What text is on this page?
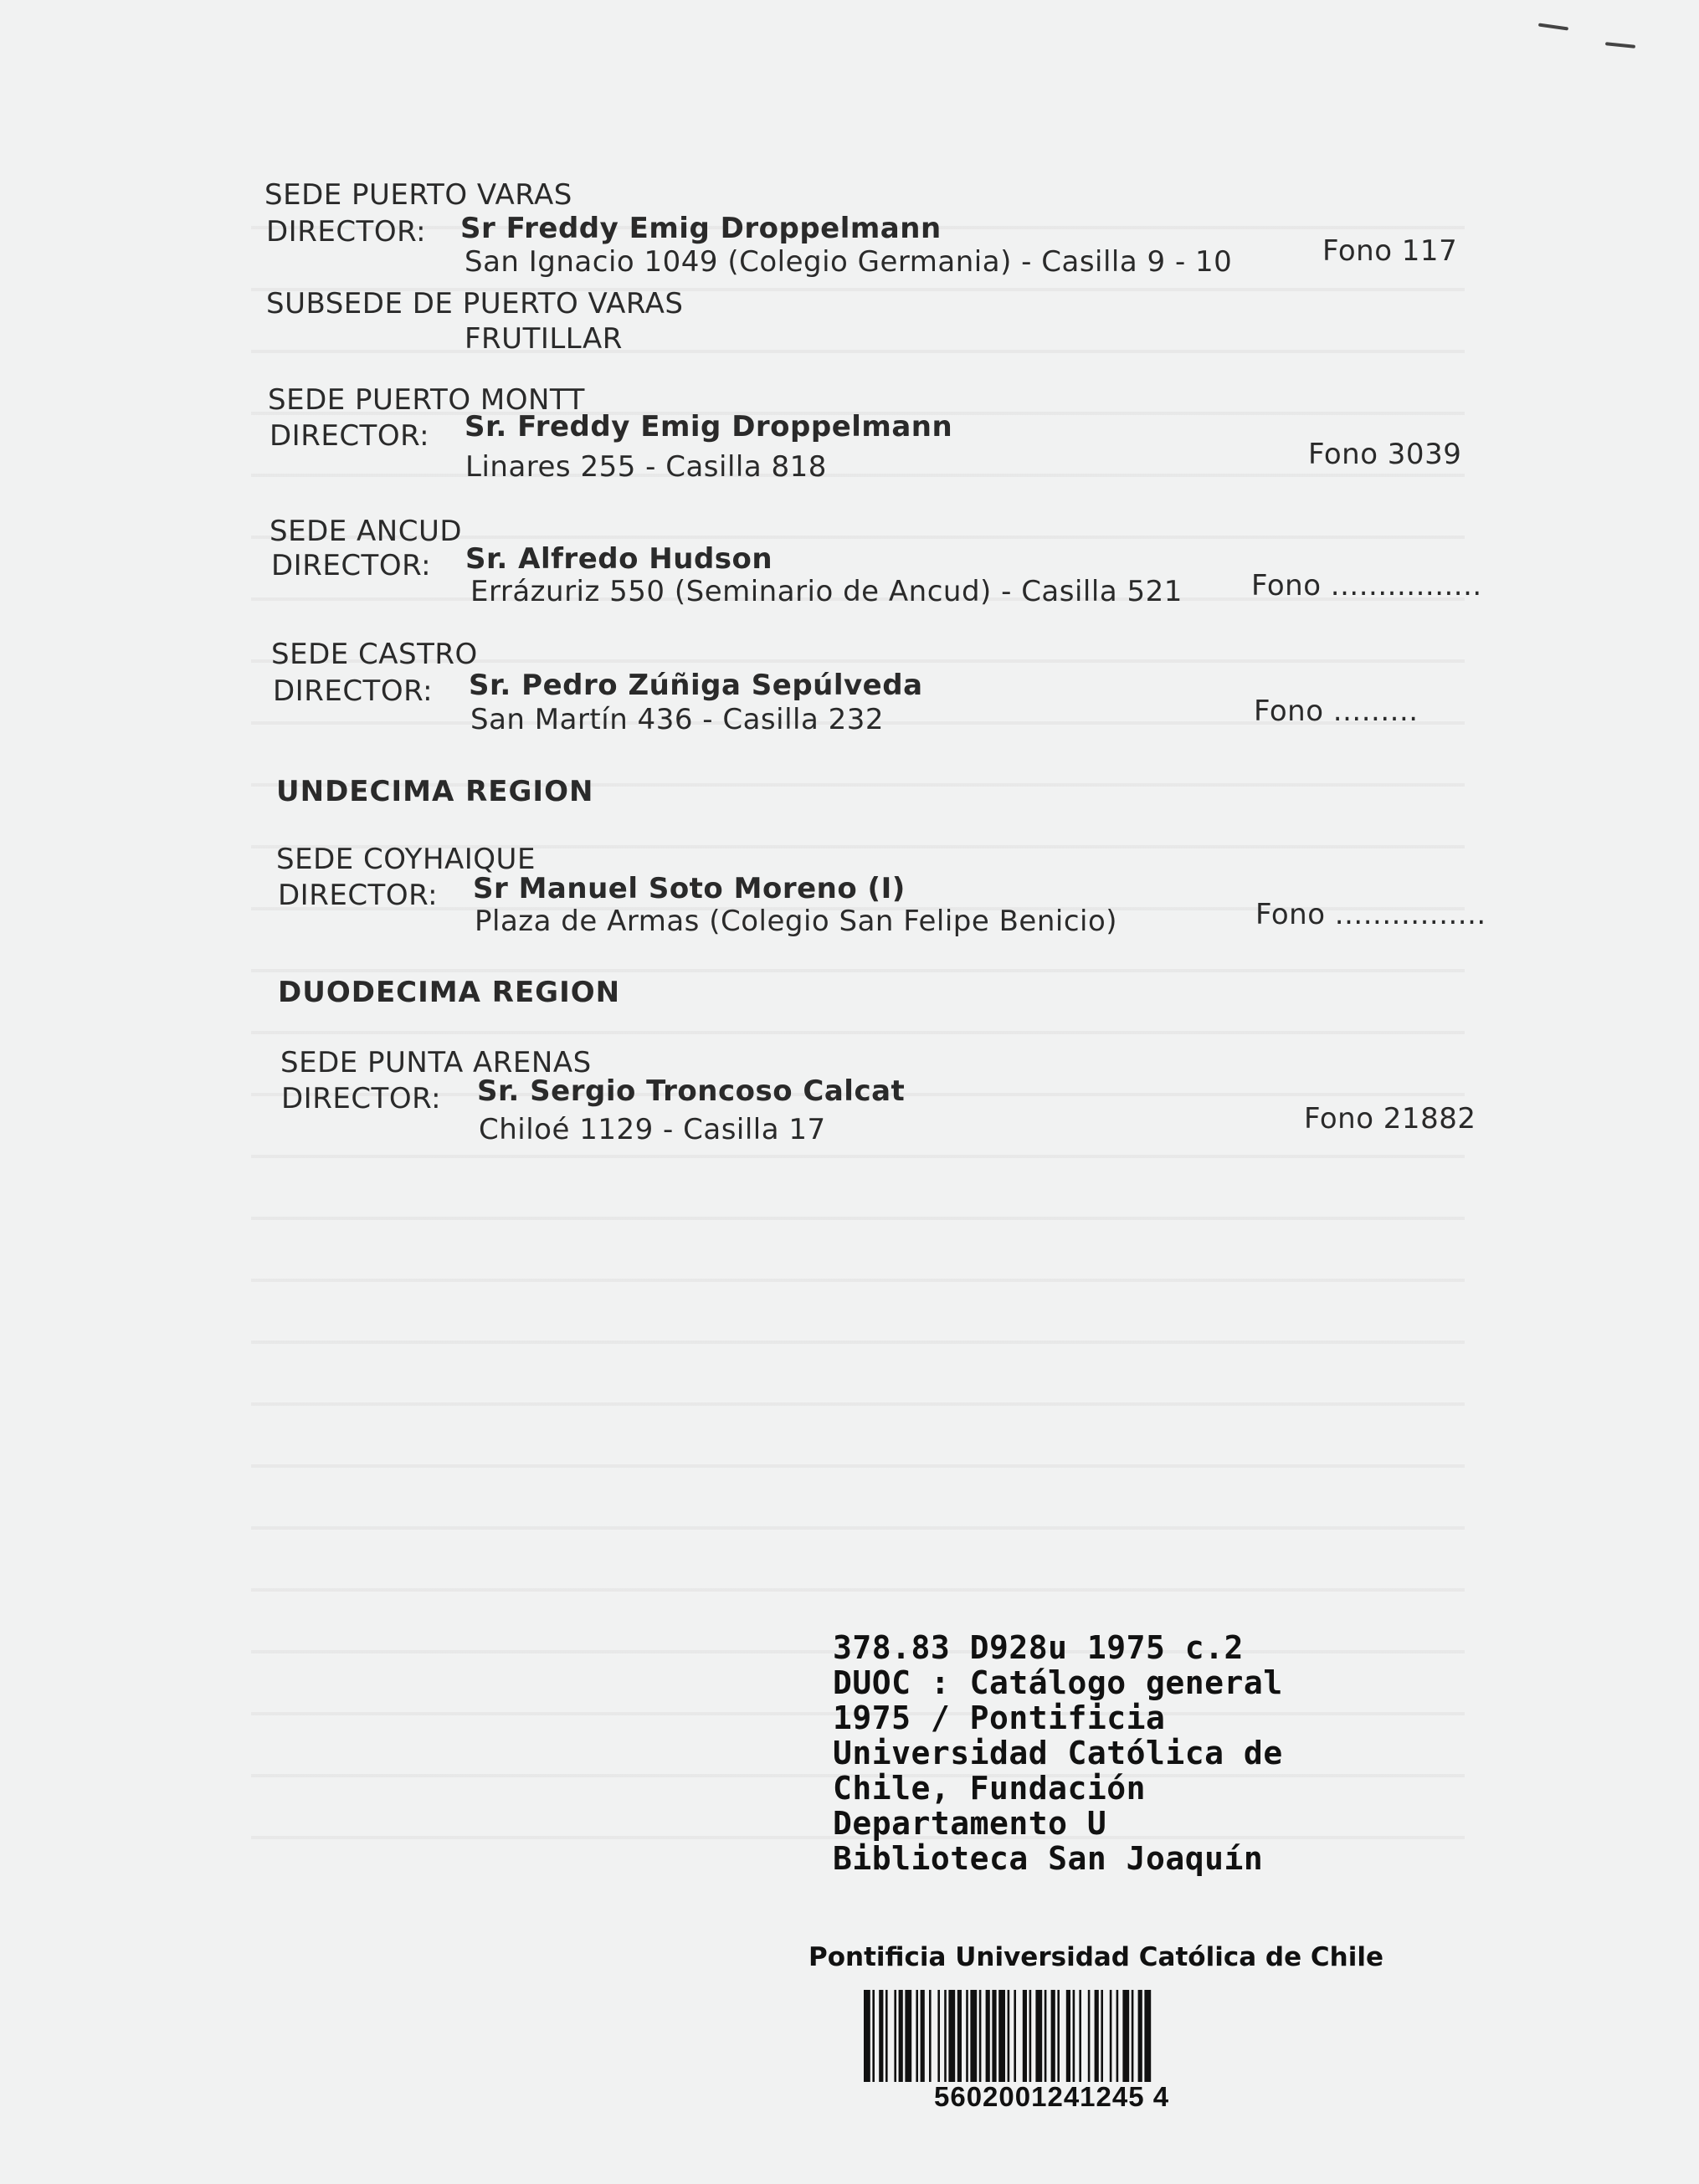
SEDE PUERTO VARAS
DIRECTOR: Sr Freddy Emig Droppelmann
San Ignacio 1049 (Colegio Germania) - Casilla 9 - 10	Fono 117
SUBSEDE DE PUERTO VARAS
FRUTILLAR
SEDE PUERTO MONTT
DIRECTOR: Sr. Freddy Emig Droppelmann
Linares 255 - Casilla 818	Fono 3039
SEDE ANCUD
DIRECTOR: Sr. Alfredo Hudson
Errázuriz 550 (Seminario de Ancud) - Casilla 521 Fono ................
SEDE CASTRO
DIRECTOR: Sr. Pedro Zúñiga Sepúlveda
San Martín 436 - Casilla 232	Fono .........
UNDECIMA REGION
SEDE COYHAIQUE
DIRECTOR: Sr Manuel Soto Moreno (I)
Plaza de Armas (Colegio San Felipe Benicio)	Fono ................
DUODECIMA REGION
SEDE PUNTA ARENAS
DIRECTOR: Sr. Sergio Troncoso Calcat
Chiloé 1129 - Casilla 17	Fono 21882
378.83 D928u 1975 c.2
DUOC : Catálogo general
1975 / Pontificia
Universidad Católica de
Chile, Fundación
Departamento U
Biblioteca San Joaquín
Pontificia Universidad Católica de Chile
5602001241245 4
